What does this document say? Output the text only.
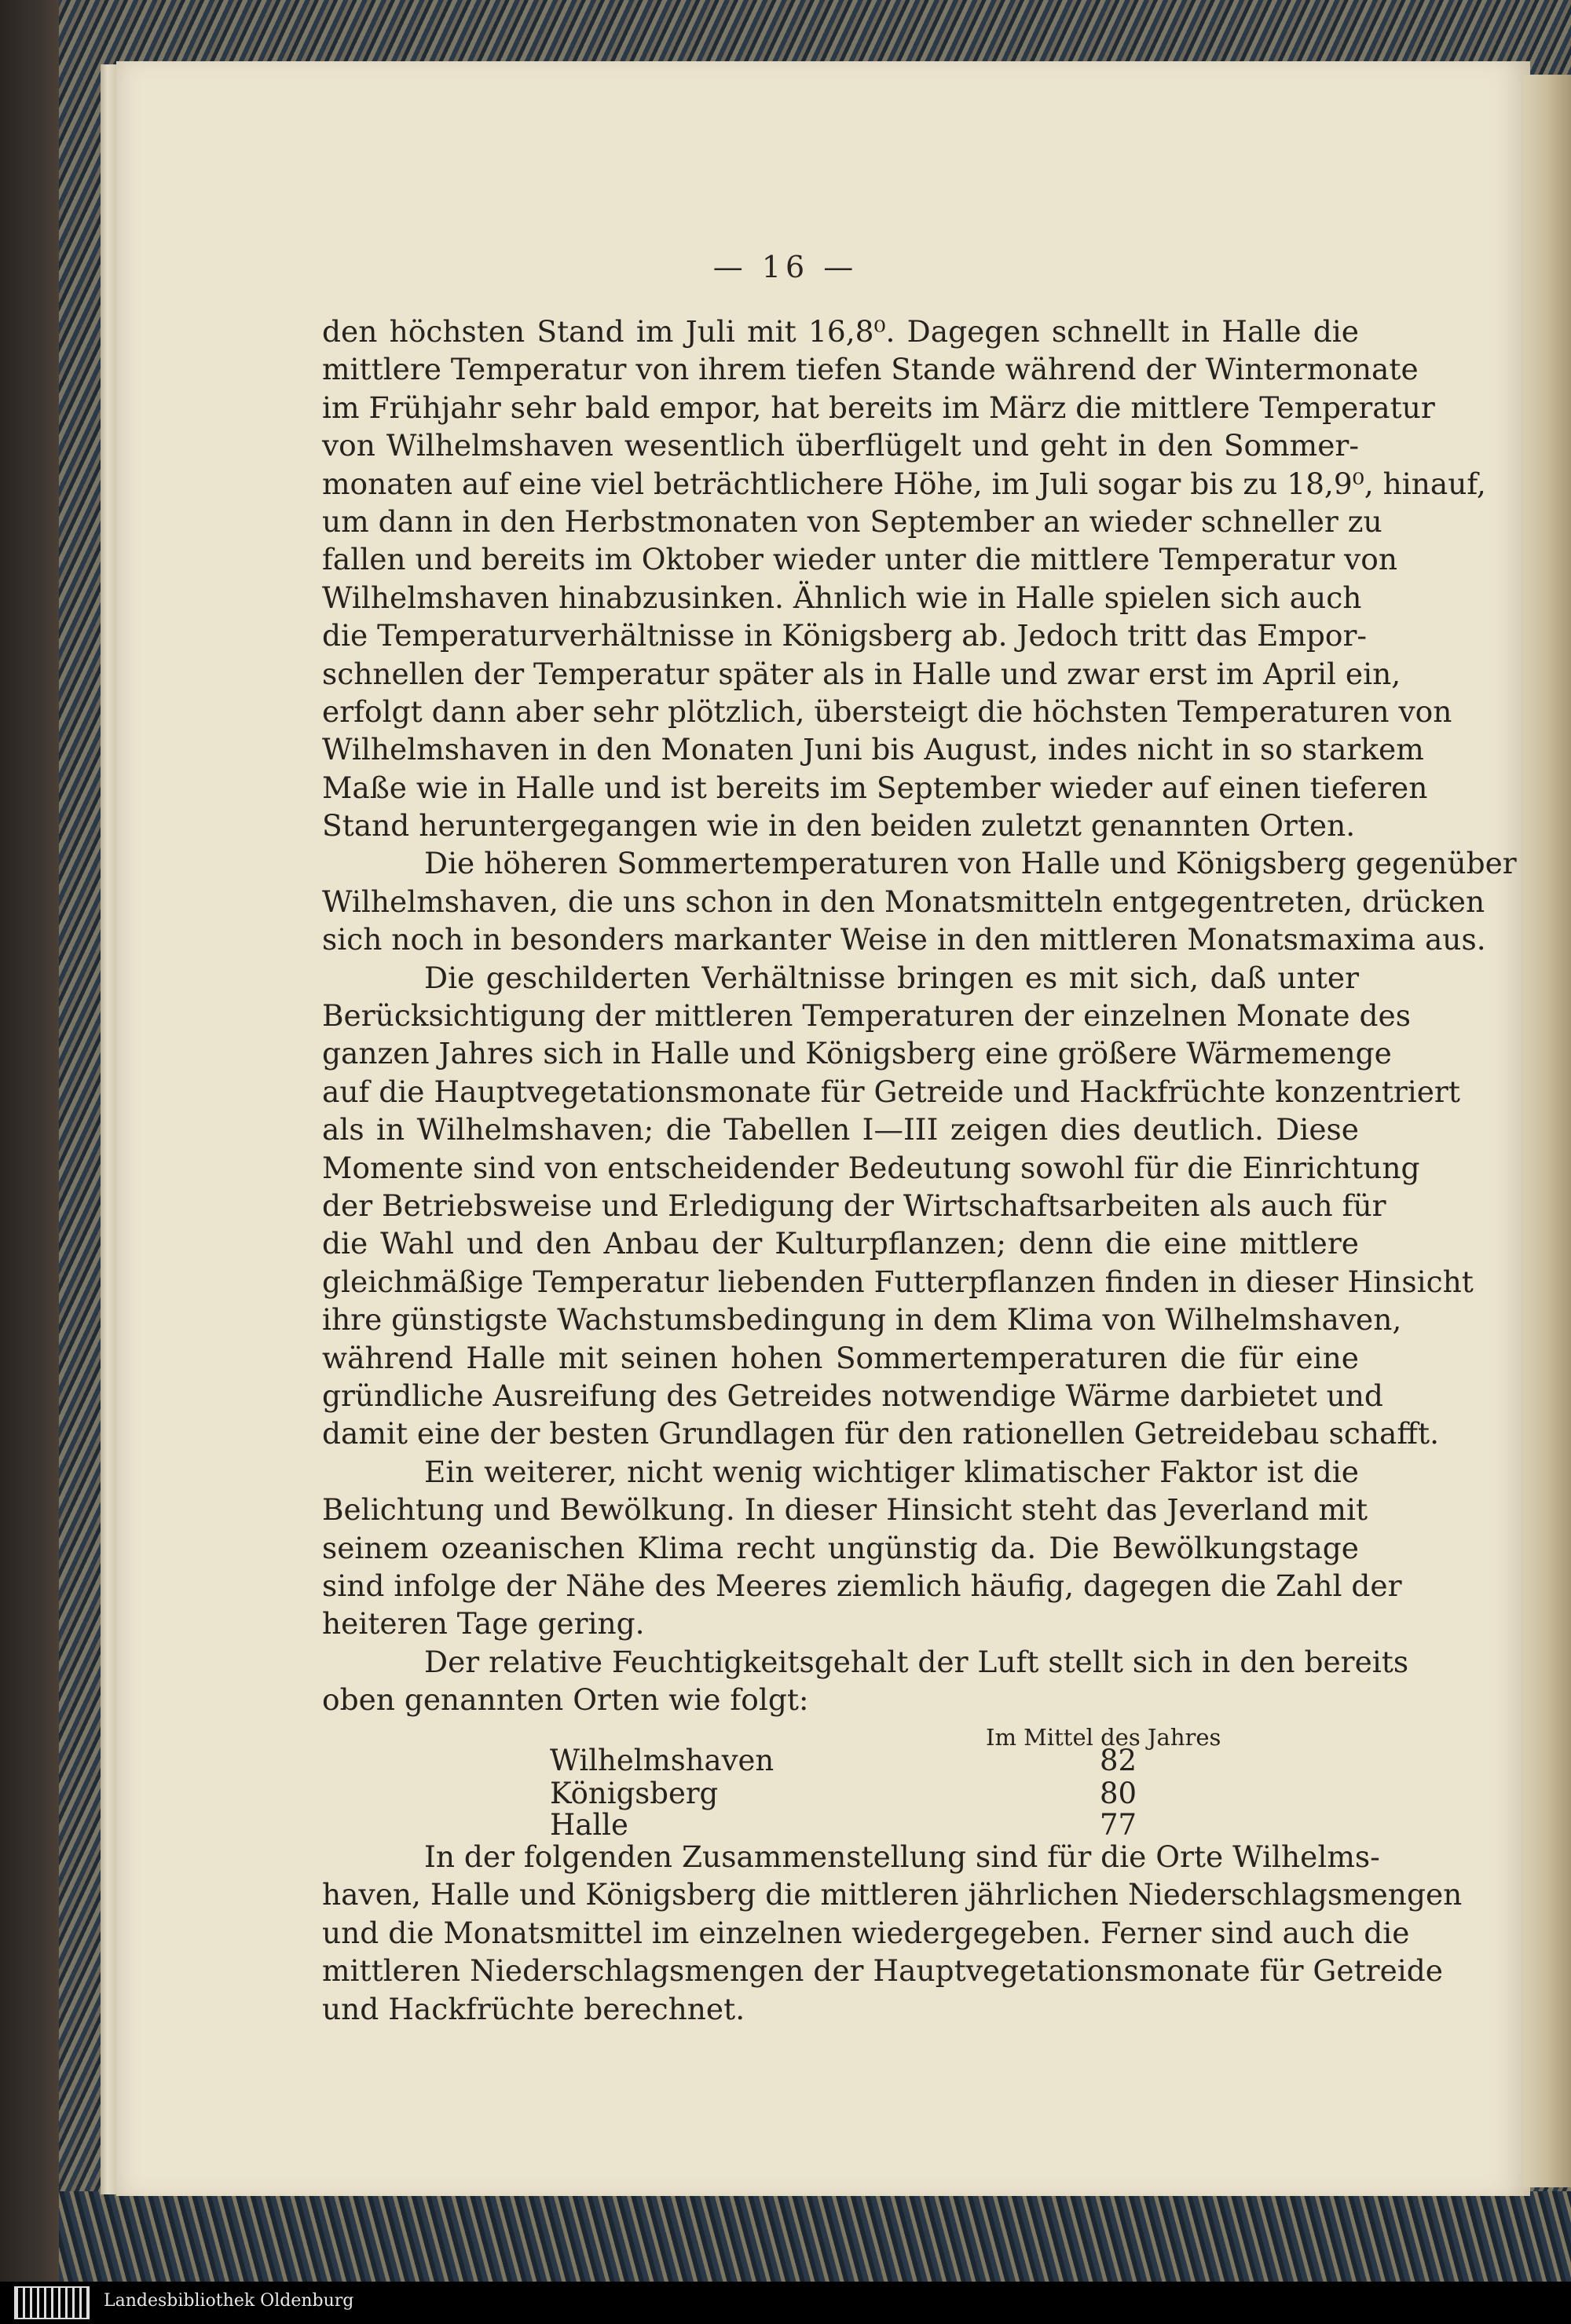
— 16 —
den höchsten Stand im Juli mit 16,8⁰. Dagegen schnellt in Halle die
mittlere Temperatur von ihrem tiefen Stande während der Wintermonate
im Frühjahr sehr bald empor, hat bereits im März die mittlere Temperatur
von Wilhelmshaven wesentlich überflügelt und geht in den Sommer-
monaten auf eine viel beträchtlichere Höhe, im Juli sogar bis zu 18,9⁰, hinauf,
um dann in den Herbstmonaten von September an wieder schneller zu
fallen und bereits im Oktober wieder unter die mittlere Temperatur von
Wilhelmshaven hinabzusinken. Ähnlich wie in Halle spielen sich auch
die Temperaturverhältnisse in Königsberg ab. Jedoch tritt das Empor-
schnellen der Temperatur später als in Halle und zwar erst im April ein,
erfolgt dann aber sehr plötzlich, übersteigt die höchsten Temperaturen von
Wilhelmshaven in den Monaten Juni bis August, indes nicht in so starkem
Maße wie in Halle und ist bereits im September wieder auf einen tieferen
Stand heruntergegangen wie in den beiden zuletzt genannten Orten.
Die höheren Sommertemperaturen von Halle und Königsberg gegenüber
Wilhelmshaven, die uns schon in den Monatsmitteln entgegentreten, drücken
sich noch in besonders markanter Weise in den mittleren Monatsmaxima aus.
Die geschilderten Verhältnisse bringen es mit sich, daß unter
Berücksichtigung der mittleren Temperaturen der einzelnen Monate des
ganzen Jahres sich in Halle und Königsberg eine größere Wärmemenge
auf die Hauptvegetationsmonate für Getreide und Hackfrüchte konzentriert
als in Wilhelmshaven; die Tabellen I—III zeigen dies deutlich. Diese
Momente sind von entscheidender Bedeutung sowohl für die Einrichtung
der Betriebsweise und Erledigung der Wirtschaftsarbeiten als auch für
die Wahl und den Anbau der Kulturpflanzen; denn die eine mittlere
gleichmäßige Temperatur liebenden Futterpflanzen finden in dieser Hinsicht
ihre günstigste Wachstumsbedingung in dem Klima von Wilhelmshaven,
während Halle mit seinen hohen Sommertemperaturen die für eine
gründliche Ausreifung des Getreides notwendige Wärme darbietet und
damit eine der besten Grundlagen für den rationellen Getreidebau schafft.
Ein weiterer, nicht wenig wichtiger klimatischer Faktor ist die
Belichtung und Bewölkung. In dieser Hinsicht steht das Jeverland mit
seinem ozeanischen Klima recht ungünstig da. Die Bewölkungstage
sind infolge der Nähe des Meeres ziemlich häufig, dagegen die Zahl der
heiteren Tage gering.
Der relative Feuchtigkeitsgehalt der Luft stellt sich in den bereits
oben genannten Orten wie folgt:
Im Mittel des Jahres
Wilhelmshaven	82
Königsberg	80
Halle	77
In der folgenden Zusammenstellung sind für die Orte Wilhelms-
haven, Halle und Königsberg die mittleren jährlichen Niederschlagsmengen
und die Monatsmittel im einzelnen wiedergegeben. Ferner sind auch die
mittleren Niederschlagsmengen der Hauptvegetationsmonate für Getreide
und Hackfrüchte berechnet.
Landesbibliothek Oldenburg
